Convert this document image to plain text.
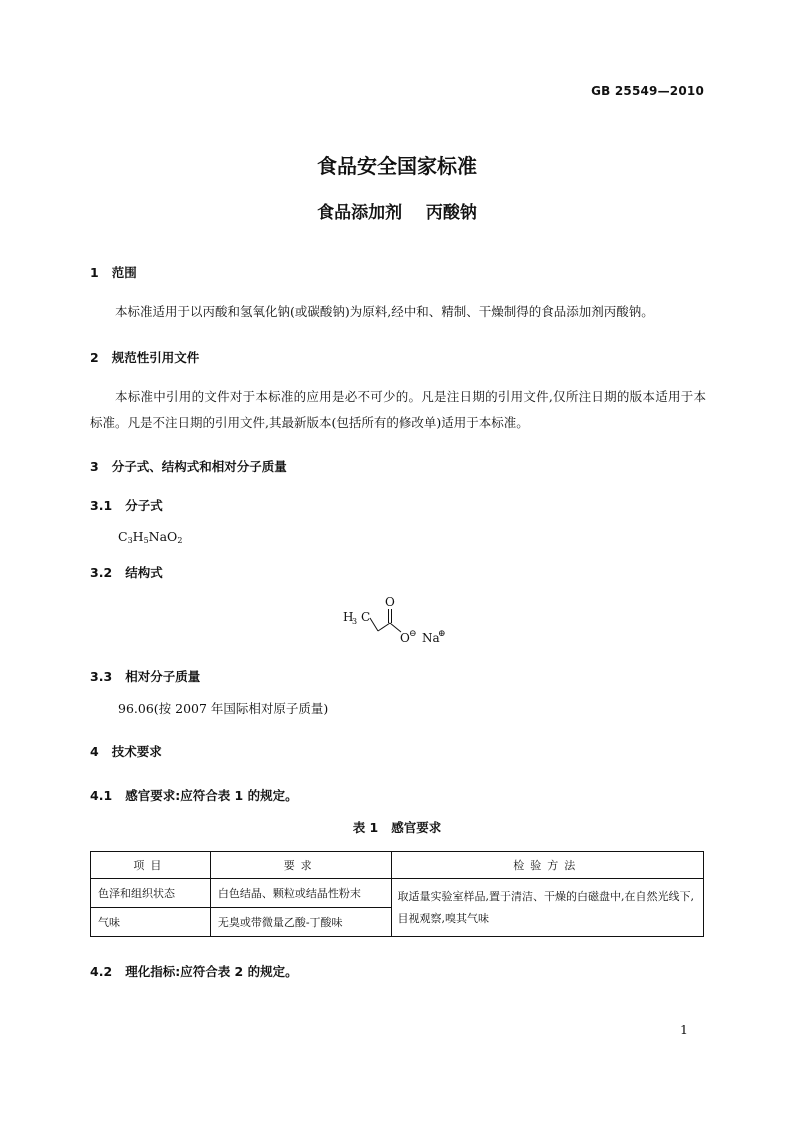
GB 25549—2010
食品安全国家标准
食品添加剂    丙酸钠
1   范围
本标准适用于以丙酸和氢氧化钠(或碳酸钠)为原料,经中和、精制、干燥制得的食品添加剂丙酸钠。
2   规范性引用文件
本标准中引用的文件对于本标准的应用是必不可少的。凡是注日期的引用文件,仅所注日期的版本适用于本标准。凡是不注日期的引用文件,其最新版本(包括所有的修改单)适用于本标准。
3   分子式、结构式和相对分子质量
3.1   分子式
$C_3H_5NaO_2$
3.2   结构式
H
3 C
O
O ⊖ Na
⊕
3.3   相对分子质量
96.06(按 2007 年国际相对原子质量)
4   技术要求
4.1   感官要求:应符合表 1 的规定。
表 1   感官要求
项目	要求	检验方法
色泽和组织状态	白色结晶、颗粒或结晶性粉末	取适量实验室样品,置于清洁、干燥的白磁盘中,在自然光线下,目视观察,嗅其气味
气味	无臭或带微量乙酸-丁酸味	
4.2   理化指标:应符合表 2 的规定。
1
